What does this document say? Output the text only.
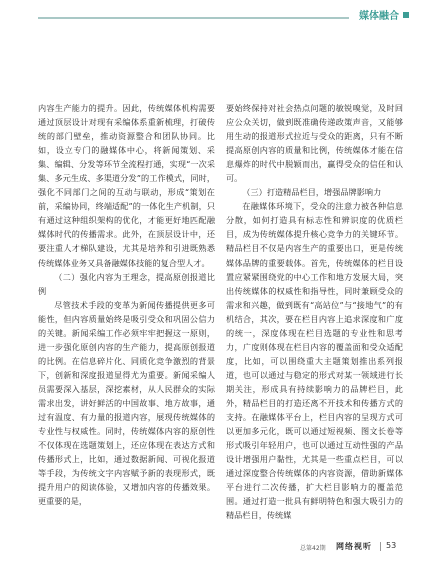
媒体融合

内容生产能力的提升。因此，传统媒体机构需要通过顶层设计对现有采编体系重新梳理，打破传统的部门壁垒，推动资源整合和团队协同。比如，设立专门的融媒体中心，将新闻策划、采集、编辑、分发等环节全流程打通，实现“一次采集、多元生成、多渠道分发”的工作模式，同时，强化不同部门之间的互动与联动，形成“策划在前，采编协同，终端适配”的一体化生产机制，只有通过这种组织架构的优化，才能更好地匹配融媒体时代的传播需求。此外，在顶层设计中，还要注重人才梯队建设，尤其是培养和引进既熟悉传统媒体业务又具备融媒体技能的复合型人才。

（二）强化内容为王理念，提高原创报道比例

尽管技术手段的变革为新闻传播提供更多可能性，但内容质量始终是吸引受众和巩固公信力的关键。新闻采编工作必须牢牢把握这一原则，进一步强化原创内容的生产能力，提高原创报道的比例。在信息碎片化、同质化竞争激烈的背景下，创新和深度报道显得尤为重要。新闻采编人员需要深入基层，深挖素材，从人民群众的实际需求出发，讲好鲜活的中国故事、地方故事，通过有温度、有力量的报道内容，展现传统媒体的专业性与权威性。同时，传统媒体内容的原创性不仅体现在选题策划上，还应体现在表达方式和传播形式上，比如，通过数据新闻、可视化报道等手段，为传统文字内容赋予新的表现形式，既提升用户的阅读体验，又增加内容的传播效果。更重要的是，

要始终保持对社会热点问题的敏锐嗅觉，及时回应公众关切，做到既准确传递政策声音，又能够用生动的报道形式拉近与受众的距离，只有不断提高原创内容的质量和比例，传统媒体才能在信息爆炸的时代中脱颖而出，赢得受众的信任和认可。

（三）打造精品栏目，增强品牌影响力

在融媒体环境下，受众的注意力被各种信息分散，如何打造具有标志性和辨识度的优质栏目，成为传统媒体提升核心竞争力的关键环节。精品栏目不仅是内容生产的重要出口，更是传统媒体品牌的重要载体。首先，传统媒体的栏目设置应紧紧围绕党的中心工作和地方发展大局，突出传统媒体的权威性和指导性，同时兼顾受众的需求和兴趣，做到既有“高站位”与“接地气”的有机结合，其次，要在栏目内容上追求深度和广度的统一，深度体现在栏目选题的专业性和思考力，广度则体现在栏目内容的覆盖面和受众适配度，比如，可以围绕重大主题策划推出系列报道，也可以通过与稳定的形式对某一领域进行长期关注，形成具有持续影响力的品牌栏目，此外，精品栏目的打造还离不开技术和传播方式的支持。在融媒体平台上，栏目内容的呈现方式可以更加多元化，既可以通过短视频、图文长卷等形式吸引年轻用户，也可以通过互动性强的产品设计增强用户黏性，尤其是一些重点栏目，可以通过深度整合传统媒体的内容资源，借助新媒体平台进行二次传播，扩大栏目影响力的覆盖范围。通过打造一批具有鲜明特色和强大吸引力的精品栏目，传统媒

总第42期 网络视听 53
